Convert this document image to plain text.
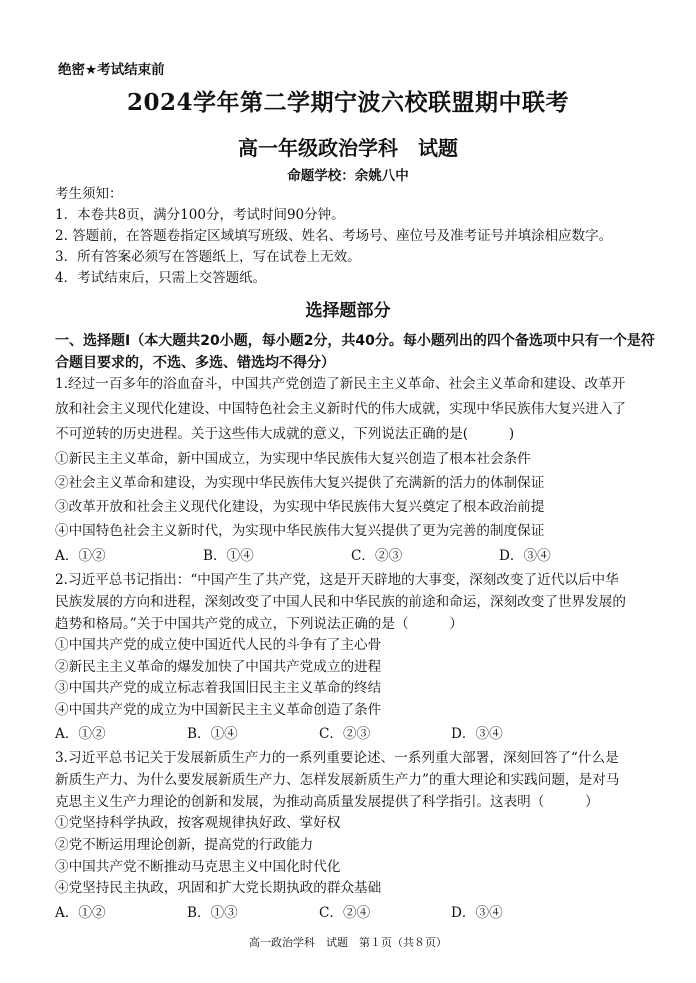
绝密★考试结束前
2024学年第二学期宁波六校联盟期中联考
高一年级政治学科　试题
命题学校：余姚八中
考生须知：
1．本卷共8页，满分100分，考试时间90分钟。
2. 答题前，在答题卷指定区域填写班级、姓名、考场号、座位号及准考证号并填涂相应数字。
3．所有答案必须写在答题纸上，写在试卷上无效。
4．考试结束后，只需上交答题纸。
选择题部分
一、选择题Ⅰ（本大题共20小题，每小题2分，共40分。每小题列出的四个备选项中只有一个是符合题目要求的，不选、多选、错选均不得分）
1.经过一百多年的浴血奋斗，中国共产党创造了新民主主义革命、社会主义革命和建设、改革开
放和社会主义现代化建设、中国特色社会主义新时代的伟大成就，实现中华民族伟大复兴进入了
不可逆转的历史进程。关于这些伟大成就的意义，下列说法正确的是(　　　)
①新民主主义革命，新中国成立，为实现中华民族伟大复兴创造了根本社会条件
②社会主义革命和建设，为实现中华民族伟大复兴提供了充满新的活力的体制保证
③改革开放和社会主义现代化建设，为实现中华民族伟大复兴奠定了根本政治前提
④中国特色社会主义新时代，为实现中华民族伟大复兴提供了更为完善的制度保证
A．①②	B．①④	C．②③	D．③④
2.习近平总书记指出：“中国产生了共产党，这是开天辟地的大事变，深刻改变了近代以后中华
民族发展的方向和进程，深刻改变了中国人民和中华民族的前途和命运，深刻改变了世界发展的
趋势和格局。”关于中国共产党的成立，下列说法正确的是（　　　）
①中国共产党的成立使中国近代人民的斗争有了主心骨
②新民主主义革命的爆发加快了中国共产党成立的进程
③中国共产党的成立标志着我国旧民主主义革命的终结
④中国共产党的成立为中国新民主主义革命创造了条件
A．①②	B．①④	C．②③	D．③④
3.习近平总书记关于发展新质生产力的一系列重要论述、一系列重大部署，深刻回答了“什么是
新质生产力、为什么要发展新质生产力、怎样发展新质生产力”的重大理论和实践问题，是对马
克思主义生产力理论的创新和发展，为推动高质量发展提供了科学指引。这表明（　　　）
①党坚持科学执政，按客观规律执好政、掌好权
②党不断运用理论创新，提高党的行政能力
③中国共产党不断推动马克思主义中国化时代化
④党坚持民主执政，巩固和扩大党长期执政的群众基础
A．①②	B．①③	C．②④	D．③④
高一政治学科　试题　第１页（共８页）
